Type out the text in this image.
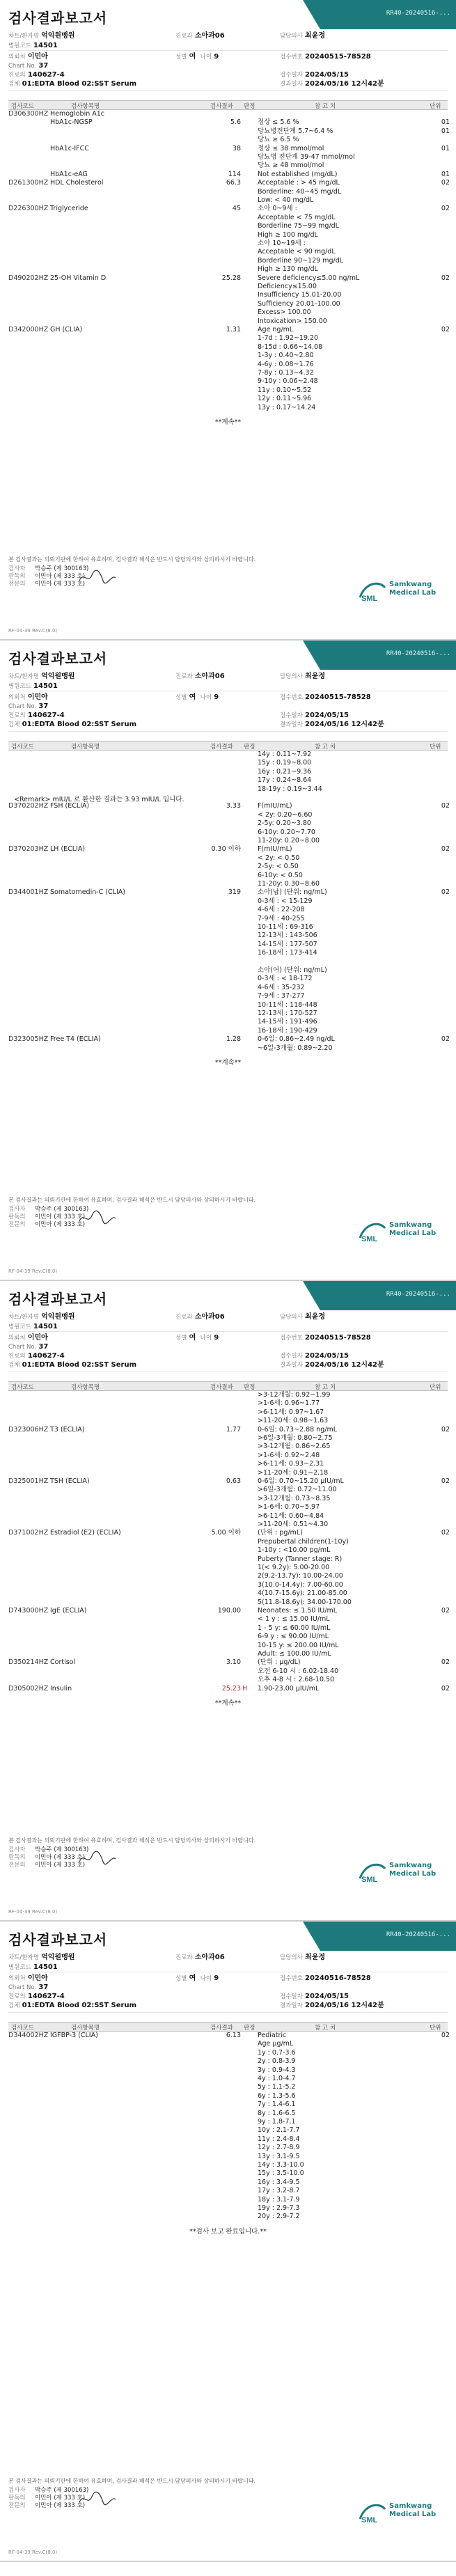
검사결과보고서	RR40-20240516-...
차트/환자명 억익원맹원
병원코드 14501
의뢰처 이민아
Chart No. 37
진료의 140627-4
검체 01:EDTA Blood 02:SST Serum
진료과 소아과06
성별 여 나이 9
담당의사 최윤정
접수번호 20240515-78528
접수일자 2024/05/15
결과일자 2024/05/16 12시42분
검사코드	검사항목명	검사결과 판정	참 고 치	단위
D306300HZ Hemoglobin A1c
HbA1c-NGSP	5.6	정상 ≤ 5.6 %	01
당뇨병전단계 5.7~6.4 %	01
당뇨 ≥ 6.5 %
HbA1c-IFCC	38	정상 ≤ 38 mmol/mol	01
당뇨병 전단계 39-47 mmol/mol
당뇨 ≥ 48 mmol/mol
HbA1c-eAG	114	Not established (mg/dL)	01
D261300HZ HDL Cholesterol	66.3	Acceptable : > 45 mg/dL	02
Borderline: 40~45 mg/dL
Low: < 40 mg/dL
D226300HZ Triglyceride	45	소아 0~9세 :	02
Acceptable < 75 mg/dL
Borderline 75~99 mg/dL
High ≥ 100 mg/dL
소아 10~19세 :
Acceptable < 90 mg/dL
Borderline 90~129 mg/dL
High ≥ 130 mg/dL
D490202HZ 25-OH Vitamin D	25.28	Severe deficiency≤5.00 ng/mL	02
Deficiency≤15.00
Insufficiency 15.01-20.00
Sufficiency 20.01-100.00
Excess> 100.00
Intoxication> 150.00
D342000HZ GH (CLIA)	1.31	Age ng/mL	02
1-7d : 1.92~19.20
8-15d : 0.66~14.08
1-3y : 0.40~2.80
4-6y : 0.08~1.76
7-8y : 0.13~4.32
9-10y : 0.06~2.48
11y : 0.10~5.52
12y : 0.11~5.96
13y : 0.17~14.24
**계속**
본 검사결과는 의뢰기관에 한하여 유효하며, 검사결과 해석은 반드시 담당의사와 상의하시기 바랍니다.
검사자 박승주 (제 300163)
판독의 이민아 (제 333 호)
전문의 이민아 (제 333 호)
SML
Samkwang
Medical Lab
RF-04-39 Rev.C(8.0)
검사결과보고서	RR40-20240516-...
차트/환자명 억익원맹원
병원코드 14501
의뢰처 이민아
Chart No. 37
진료의 140627-4
검체 01:EDTA Blood 02:SST Serum
진료과 소아과06
성별 여 나이 9
담당의사 최윤정
접수번호 20240515-78528
접수일자 2024/05/15
결과일자 2024/05/16 12시42분
검사코드	검사항목명	검사결과 판정	참 고 치	단위
14y : 0.11~7.92
15y : 0.19~8.00
16y : 0.21~9.36
17y : 0.24~8.64
18-19y : 0.19~3.44
<Remark> mIU/L 로 환산한 결과는 3.93 mIU/L 입니다.
D370202HZ FSH (ECLIA)	3.33	F(mIU/mL)	02
< 2y: 0.20~6.60
2-5y: 0.20~3.80
6-10y: 0.20~7.70
11-20y: 0.20~8.00
D370203HZ LH (ECLIA)	0.30 이하	F(mIU/mL)	02
< 2y: < 0.50
2-5y: < 0.50
6-10y: < 0.50
11-20y: 0.30~8.60
D344001HZ Somatomedin-C (CLIA)	319	소아(남) (단위: ng/mL)	02
0-3세 : < 15-129
4-6세 : 22-208
7-9세 : 40-255
10-11세 : 69-316
12-13세 : 143-506
14-15세 : 177-507
16-18세 : 173-414
소아(여) (단위: ng/mL)
0-3세 : < 18-172
4-6세 : 35-232
7-9세 : 37-277
10-11세 : 118-448
12-13세 : 170-527
14-15세 : 191-496
16-18세 : 190-429
D323005HZ Free T4 (ECLIA)	1.28	0-6일: 0.86~2.49 ng/dL	02
~6일-3개월: 0.89~2.20
**계속**
본 검사결과는 의뢰기관에 한하여 유효하며, 검사결과 해석은 반드시 담당의사와 상의하시기 바랍니다.
검사자 박승주 (제 300163)
판독의 이민아 (제 333 호)
전문의 이민아 (제 333 호)
SML
Samkwang
Medical Lab
RF-04-39 Rev.C(8.0)
검사결과보고서	RR40-20240516-...
차트/환자명 억익원맹원
병원코드 14501
의뢰처 이민아
Chart No. 37
진료의 140627-4
검체 01:EDTA Blood 02:SST Serum
진료과 소아과06
성별 여 나이 9
담당의사 최윤정
접수번호 20240515-78528
접수일자 2024/05/15
결과일자 2024/05/16 12시42분
검사코드	검사항목명	검사결과 판정	참 고 치	단위
>3-12개월: 0.92~1.99
>1-6세: 0.96~1.77
>6-11세: 0.97~1.67
>11-20세: 0.98~1.63
D323006HZ T3 (ECLIA)	1.77	0-6일: 0.73~2.88 ng/mL	02
>6일-3개월: 0.80~2.75
>3-12개월: 0.86~2.65
>1-6세: 0.92~2.48
>6-11세: 0.93~2.31
>11-20세: 0.91~2.18
D325001HZ TSH (ECLIA)	0.63	0-6일: 0.70~15.20 μIU/mL	02
>6일-3개월: 0.72~11.00
>3-12개월: 0.73~8.35
>1-6세: 0.70~5.97
>6-11세: 0.60~4.84
>11-20세: 0.51~4.30
D371002HZ Estradiol (E2) (ECLIA)	5.00 이하	(단위 : pg/mL)	02
Prepubertal children(1-10y)
1-10y : <10.00 pg/mL
Puberty (Tanner stage: R)
1(< 9.2y): 5.00-20.00
2(9.2-13.7y): 10.00-24.00
3(10.0-14.4y): 7.00-60.00
4(10.7-15.6y): 21.00-85.00
5(11.8-18.6y): 34.00-170.00
D743000HZ IgE (ECLIA)	190.00	Neonates: ≤ 1.50 IU/mL	02
< 1 y : ≤ 15.00 IU/mL
1 - 5 y: ≤ 60.00 IU/mL
6-9 y : ≤ 90.00 IU/mL
10-15 y: ≤ 200.00 IU/mL
Adult: ≤ 100.00 IU/mL
D350214HZ Cortisol	3.10	(단위 : μg/dL)	02
오전 6-10 시 : 6.02-18.40
오후 4-8 시 : 2.68-10.50
D305002HZ Insulin	25.23 H	1.90-23.00 μIU/mL	02
**계속**
본 검사결과는 의뢰기관에 한하여 유효하며, 검사결과 해석은 반드시 담당의사와 상의하시기 바랍니다.
검사자 박승주 (제 300163)
판독의 이민아 (제 333 호)
전문의 이민아 (제 333 호)
SML
Samkwang
Medical Lab
RF-04-39 Rev.C(8.0)
검사결과보고서	RR40-20240516-...
차트/환자명 억익원맹원
병원코드 14501
의뢰처 이민아
Chart No. 37
진료의 140627-4
검체 01:EDTA Blood 02:SST Serum
진료과 소아과06
성별 여 나이 9
담당의사 최윤정
접수번호 20240516-78528
접수일자 2024/05/15
결과일자 2024/05/16 12시42분
검사코드	검사항목명	검사결과 판정	참 고 치	단위
D344002HZ IGFBP-3 (CLIA)	6.13	Pediatric	02
Age μg/mL
1y : 0.7-3.6
2y : 0.8-3.9
3y : 0.9-4.3
4y : 1.0-4.7
5y : 1.1-5.2
6y : 1.3-5.6
7y : 1.4-6.1
8y : 1.6-6.5
9y : 1.8-7.1
10y : 2.1-7.7
11y : 2.4-8.4
12y : 2.7-8.9
13y : 3.1-9.5
14y : 3.3-10.0
15y : 3.5-10.0
16y : 3.4-9.5
17y : 3.2-8.7
18y : 3.1-7.9
19y : 2.9-7.3
20y : 2.9-7.2
**검사 보고 완료입니다.**
본 검사결과는 의뢰기관에 한하여 유효하며, 검사결과 해석은 반드시 담당의사와 상의하시기 바랍니다.
검사자 박승주 (제 300163)
판독의 이민아 (제 333 호)
전문의 이민아 (제 333 호)
SML
Samkwang
Medical Lab
RF-04-39 Rev.C(8.0)
